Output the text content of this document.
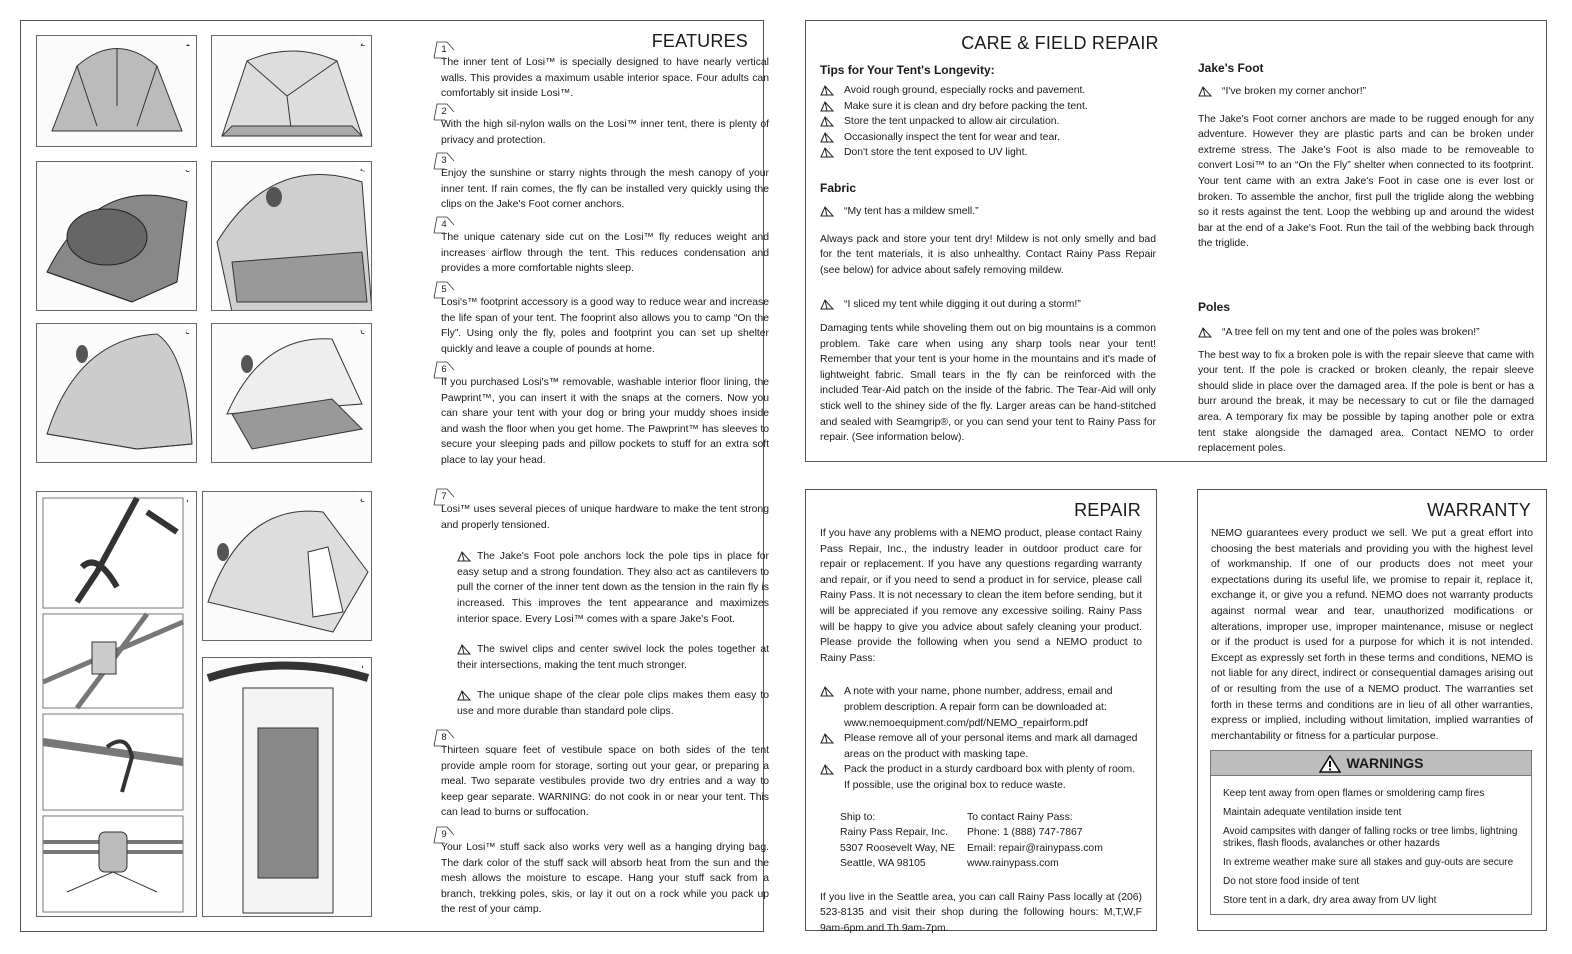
1	2
3	4
5	6
7	8
7
FEATURES
1

The inner tent of Losi™ is specially designed to have nearly vertical walls. This provides a maximum usable interior space. Four adults can comfortably sit inside Losi™.

2

With the high sil-nylon walls on the Losi™ inner tent, there is plenty of privacy and protection.

3

Enjoy the sunshine or starry nights through the mesh canopy of your inner tent. If rain comes, the fly can be installed very quickly using the clips on the Jake's Foot corner anchors.

4

The unique catenary side cut on the Losi™ fly reduces weight and increases airflow through the tent. This reduces condensation and provides a more comfortable nights sleep.

5

Losi's™ footprint accessory is a good way to reduce wear and increase the life span of your tent. The fooprint also allows you to camp “On the Fly”. Using only the fly, poles and footprint you can set up shelter quickly and leave a couple of pounds at home.

6

If you purchased Losi's™ removable, washable interior floor lining, the Pawprint™, you can insert it with the snaps at the corners. Now you can share your tent with your dog or bring your muddy shoes inside and wash the floor when you get home. The Pawprint™ has sleeves to secure your sleeping pads and pillow pockets to stuff for an extra soft place to lay your head.

7

Losi™ uses several pieces of unique hardware to make the tent strong and properly tensioned.

The Jake's Foot pole anchors lock the pole tips in place for easy setup and a strong foundation. They also act as cantilevers to pull the corner of the inner tent down as the tension in the rain fly is increased. This improves the tent appearance and maximizes interior space. Every Losi™ comes with a spare Jake's Foot.

The swivel clips and center swivel lock the poles together at their intersections, making the tent much stronger.

The unique shape of the clear pole clips makes them easy to use and more durable than standard pole clips.

8

Thirteen square feet of vestibule space on both sides of the tent provide ample room for storage, sorting out your gear, or preparing a meal. Two separate vestibules provide two dry entries and a way to keep gear separate. WARNING: do not cook in or near your tent. This can lead to burns or suffocation.

9

Your Losi™ stuff sack also works very well as a hanging drying bag. The dark color of the stuff sack will absorb heat from the sun and the mesh allows the moisture to escape. Hang your stuff sack from a branch, trekking poles, skis, or lay it out on a rock while you pack up the rest of your camp.

CARE & FIELD REPAIR
Tips for Your Tent's Longevity:
Avoid rough ground, especially rocks and pavement.
Make sure it is clean and dry before packing the tent.
Store the tent unpacked to allow air circulation.
Occasionally inspect the tent for wear and tear.
Don't store the tent exposed to UV light.
Fabric
“My tent has a mildew smell.”

Always pack and store your tent dry! Mildew is not only smelly and bad for the tent materials, it is also unhealthy. Contact Rainy Pass Repair (see below) for advice about safely removing mildew.

“I sliced my tent while digging it out during a storm!”

Damaging tents while shoveling them out on big mountains is a common problem. Take care when using any sharp tools near your tent! Remember that your tent is your home in the mountains and it's made of lightweight fabric. Small tears in the fly can be reinforced with the included Tear-Aid patch on the inside of the fabric. The Tear-Aid will only stick well to the shiney side of the fly. Larger areas can be hand-stitched and sealed with Seamgrip®, or you can send your tent to Rainy Pass for repair. (See information below).

Jake's Foot
“I've broken my corner anchor!”

The Jake's Foot corner anchors are made to be rugged enough for any adventure. However they are plastic parts and can be broken under extreme stress. The Jake's Foot is also made to be removeable to convert Losi™ to an “On the Fly” shelter when connected to its footprint. Your tent came with an extra Jake's Foot in case one is ever lost or broken. To assemble the anchor, first pull the triglide along the webbing so it rests against the tent. Loop the webbing up and around the widest bar at the end of a Jake's Foot. Run the tail of the webbing back through the triglide.

Poles
“A tree fell on my tent and one of the poles was broken!”

The best way to fix a broken pole is with the repair sleeve that came with your tent. If the pole is cracked or broken cleanly, the repair sleeve should slide in place over the damaged area. If the pole is bent or has a burr around the break, it may be necessary to cut or file the damaged area. A temporary fix may be possible by taping another pole or extra tent stake alongside the damaged area. Contact NEMO to order replacement poles.

REPAIR

If you have any problems with a NEMO product, please contact Rainy Pass Repair, Inc., the industry leader in outdoor product care for repair or replacement. If you have any questions regarding warranty and repair, or if you need to send a product in for service, please call Rainy Pass. It is not necessary to clean the item before sending, but it will be appreciated if you remove any excessive soiling. Rainy Pass will be happy to give you advice about safely cleaning your product. Please provide the following when you send a NEMO product to Rainy Pass:

A note with your name, phone number, address, email and problem description. A repair form can be downloaded at: www.nemoequipment.com/pdf/NEMO_repairform.pdf
Please remove all of your personal items and mark all damaged areas on the product with masking tape.
Pack the product in a sturdy cardboard box with plenty of room. If possible, use the original box to reduce waste.
Ship to:
Rainy Pass Repair, Inc.
5307 Roosevelt Way, NE
Seattle, WA 98105
To contact Rainy Pass:
Phone: 1 (888) 747-7867
Email: repair@rainypass.com
www.rainypass.com

If you live in the Seattle area, you can call Rainy Pass locally at (206) 523-8135 and visit their shop during the following hours: M,T,W,F 9am-6pm and Th 9am-7pm.

WARRANTY

NEMO guarantees every product we sell. We put a great effort into choosing the best materials and providing you with the highest level of workmanship. If one of our products does not meet your expectations during its useful life, we promise to repair it, replace it, exchange it, or give you a refund. NEMO does not warranty products against normal wear and tear, unauthorized modifications or alterations, improper use, improper maintenance, misuse or neglect or if the product is used for a purpose for which it is not intended. Except as expressly set forth in these terms and conditions, NEMO is not liable for any direct, indirect or consequential damages arising out of or resulting from the use of a NEMO product. The warranties set forth in these terms and conditions are in lieu of all other warranties, express or implied, including without limitation, implied warranties of merchantability or fitness for a particular purpose.

WARNINGS
Keep tent away from open flames or smoldering camp fires
Maintain adequate ventilation inside tent
Avoid campsites with danger of falling rocks or tree limbs, lightning strikes, flash floods, avalanches or other hazards
In extreme weather make sure all stakes and guy-outs are secure
Do not store food inside of tent
Store tent in a dark, dry area away from UV light
